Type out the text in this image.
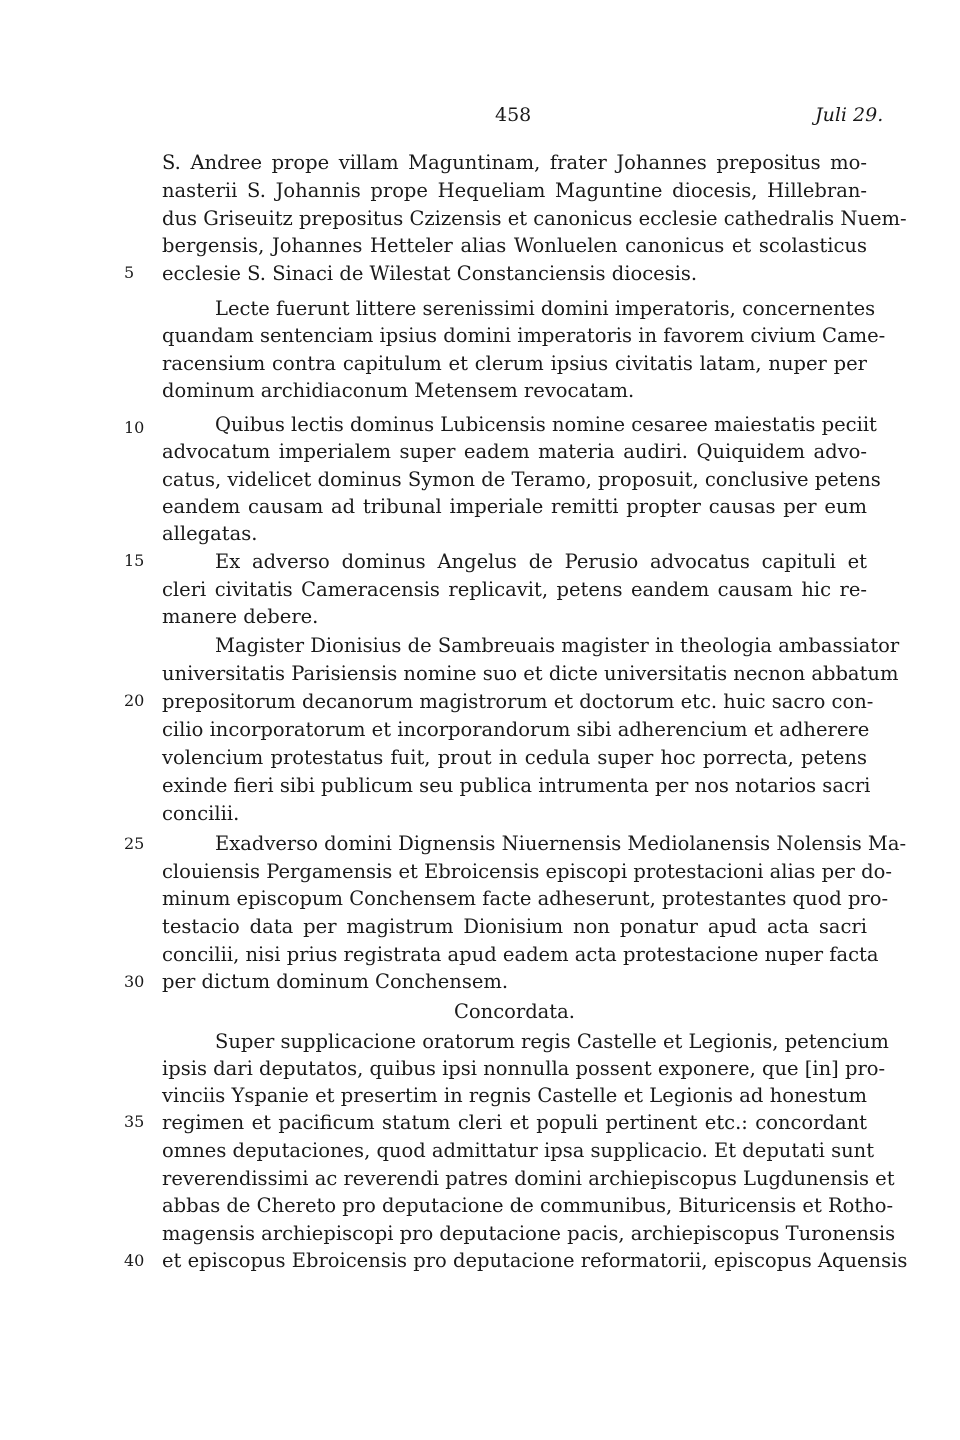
458	Juli 29.
5
10
15
20
25
30
35
40
S. Andree prope villam Maguntinam, frater Johannes prepositus mo-
nasterii S. Johannis prope Hequeliam Maguntine diocesis, Hillebran-
dus Griseuitz prepositus Czizensis et canonicus ecclesie cathedralis Nuem-
bergensis, Johannes Hetteler alias Wonluelen canonicus et scolasticus
ecclesie S. Sinaci de Wilestat Constanciensis diocesis.
Lecte fuerunt littere serenissimi domini imperatoris, concernentes
quandam sentenciam ipsius domini imperatoris in favorem civium Came-
racensium contra capitulum et clerum ipsius civitatis latam, nuper per
dominum archidiaconum Metensem revocatam.
Quibus lectis dominus Lubicensis nomine cesaree maiestatis peciit
advocatum imperialem super eadem materia audiri. Quiquidem advo-
catus, videlicet dominus Symon de Teramo, proposuit, conclusive petens
eandem causam ad tribunal imperiale remitti propter causas per eum
allegatas.
Ex adverso dominus Angelus de Perusio advocatus capituli et
cleri civitatis Cameracensis replicavit, petens eandem causam hic re-
manere debere.
Magister Dionisius de Sambreuais magister in theologia ambassiator
universitatis Parisiensis nomine suo et dicte universitatis necnon abbatum
prepositorum decanorum magistrorum et doctorum etc. huic sacro con-
cilio incorporatorum et incorporandorum sibi adherencium et adherere
volencium protestatus fuit, prout in cedula super hoc porrecta, petens
exinde fieri sibi publicum seu publica intrumenta per nos notarios sacri
concilii.
Exadverso domini Dignensis Niuernensis Mediolanensis Nolensis Ma-
clouiensis Pergamensis et Ebroicensis episcopi protestacioni alias per do-
minum episcopum Conchensem facte adheserunt, protestantes quod pro-
testacio data per magistrum Dionisium non ponatur apud acta sacri
concilii, nisi prius registrata apud eadem acta protestacione nuper facta
per dictum dominum Conchensem.
Concordata.
Super supplicacione oratorum regis Castelle et Legionis, petencium
ipsis dari deputatos, quibus ipsi nonnulla possent exponere, que [in] pro-
vinciis Yspanie et presertim in regnis Castelle et Legionis ad honestum
regimen et pacificum statum cleri et populi pertinent etc.: concordant
omnes deputaciones, quod admittatur ipsa supplicacio. Et deputati sunt
reverendissimi ac reverendi patres domini archiepiscopus Lugdunensis et
abbas de Chereto pro deputacione de communibus, Bituricensis et Rotho-
magensis archiepiscopi pro deputacione pacis, archiepiscopus Turonensis
et episcopus Ebroicensis pro deputacione reformatorii, episcopus Aquensis
